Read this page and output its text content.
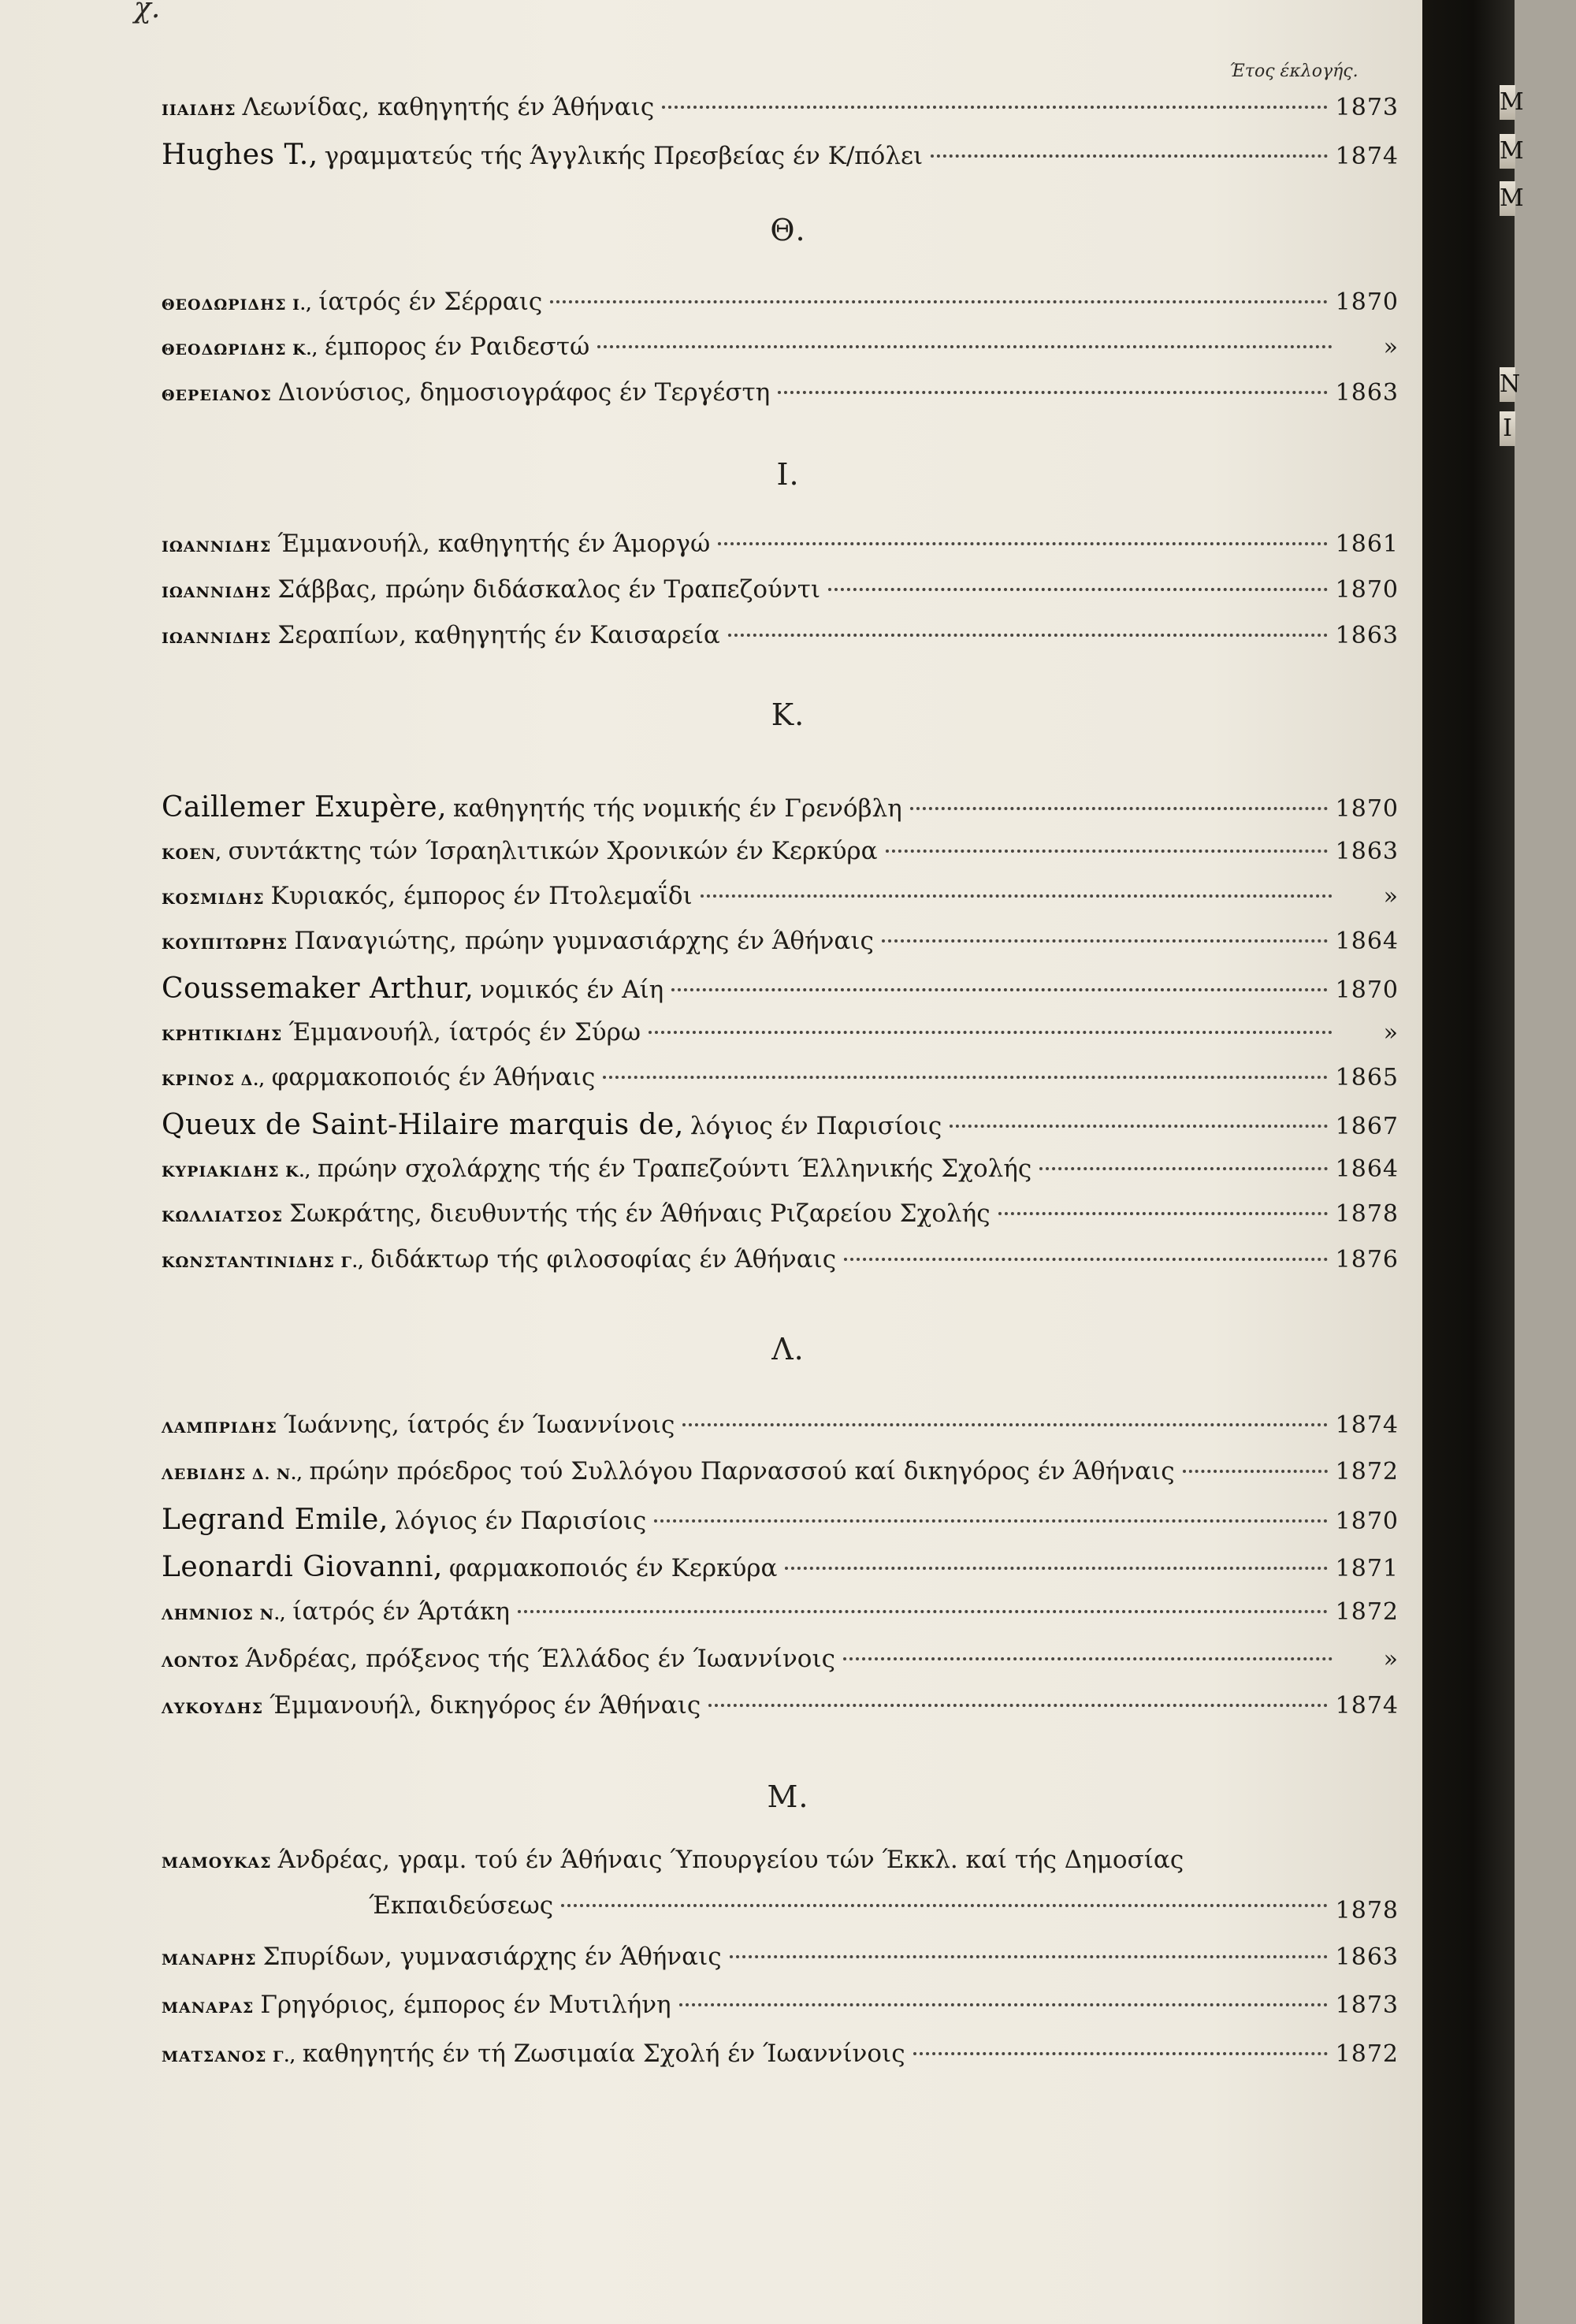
χ.
Έτος έκλογής.
ΙΙΑΙΔΗΣ Λεωνίδας, καθηγητής έν Άθήναις	1873
Hughes T., γραμματεύς τής Άγγλικής Πρεσβείας έν Κ/πόλει	1874
Θ.
ΘΕΟΔΩΡΙΔΗΣ Ι., ίατρός έν Σέρραις	1870
ΘΕΟΔΩΡΙΔΗΣ Κ., έμπορος έν Ραιδεστώ	»
ΘΕΡΕΙΑΝΟΣ Διονύσιος, δημοσιογράφος έν Τεργέστη	1863
I.
ΙΩΑΝΝΙΔΗΣ Έμμανουήλ, καθηγητής έν Άμοργώ	1861
ΙΩΑΝΝΙΔΗΣ Σάββας, πρώην διδάσκαλος έν Τραπεζούντι	1870
ΙΩΑΝΝΙΔΗΣ Σεραπίων, καθηγητής έν Καισαρεία	1863
K.
Caillemer Exupère, καθηγητής τής νομικής έν Γρενόβλη	1870
ΚΟΕΝ, συντάκτης τών Ίσραηλιτικών Χρονικών έν Κερκύρα	1863
ΚΟΣΜΙΔΗΣ Κυριακός, έμπορος έν Πτολεμαΐδι	»
ΚΟΥΠΙΤΩΡΗΣ Παναγιώτης, πρώην γυμνασιάρχης έν Άθήναις	1864
Coussemaker Arthur, νομικός έν Αίη	1870
ΚΡΗΤΙΚΙΔΗΣ Έμμανουήλ, ίατρός έν Σύρω	»
ΚΡΙΝΟΣ Δ., φαρμακοποιός έν Άθήναις	1865
Queux de Saint-Hilaire marquis de, λόγιος έν Παρισίοις	1867
ΚΥΡΙΑΚΙΔΗΣ Κ., πρώην σχολάρχης τής έν Τραπεζούντι Έλληνικής Σχολής	1864
ΚΩΛΛΙΑΤΣΟΣ Σωκράτης, διευθυντής τής έν Άθήναις Ριζαρείου Σχολής	1878
ΚΩΝΣΤΑΝΤΙΝΙΔΗΣ Γ., διδάκτωρ τής φιλοσοφίας έν Άθήναις	1876
Λ.
ΛΑΜΠΡΙΔΗΣ Ίωάννης, ίατρός έν Ίωαννίνοις	1874
ΛΕΒΙΔΗΣ Δ. Ν., πρώην πρόεδρος τού Συλλόγου Παρνασσού καί δικηγόρος έν Άθήναις	1872
Legrand Emile, λόγιος έν Παρισίοις	1870
Leonardi Giovanni, φαρμακοποιός έν Κερκύρα	1871
ΛΗΜΝΙΟΣ Ν., ίατρός έν Άρτάκη	1872
ΛΟΝΤΟΣ Άνδρέας, πρόξενος τής Έλλάδος έν Ίωαννίνοις	»
ΛΥΚΟΥΔΗΣ Έμμανουήλ, δικηγόρος έν Άθήναις	1874
M.
ΜΑΜΟΥΚΑΣ Άνδρέας, γραμ. τού έν Άθήναις Ύπουργείου τών Έκκλ. καί τής Δημοσίας
Έκπαιδεύσεως	1878
ΜΑΝΑΡΗΣ Σπυρίδων, γυμνασιάρχης έν Άθήναις	1863
ΜΑΝΑΡΑΣ Γρηγόριος, έμπορος έν Μυτιλήνη	1873
ΜΑΤΣΑΝΟΣ Γ., καθηγητής έν τή Ζωσιμαία Σχολή έν Ίωαννίνοις	1872
M
M
M
N
I
